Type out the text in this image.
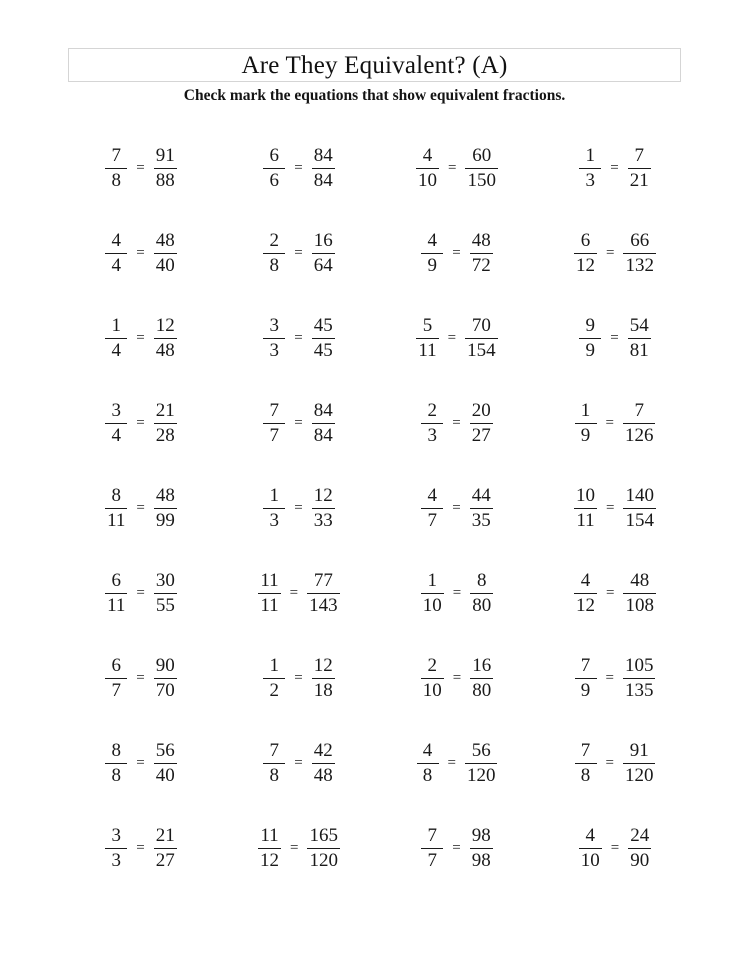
Are They Equivalent? (A)
Check mark the equations that show equivalent fractions.
$\frac{7}{8} = \frac{91}{88}$	$\frac{6}{6} = \frac{84}{84}$	$\frac{4}{10} = \frac{60}{150}$	$\frac{1}{3} = \frac{7}{21}$
$\frac{4}{4} = \frac{48}{40}$	$\frac{2}{8} = \frac{16}{64}$	$\frac{4}{9} = \frac{48}{72}$	$\frac{6}{12} = \frac{66}{132}$
$\frac{1}{4} = \frac{12}{48}$	$\frac{3}{3} = \frac{45}{45}$	$\frac{5}{11} = \frac{70}{154}$	$\frac{9}{9} = \frac{54}{81}$
$\frac{3}{4} = \frac{21}{28}$	$\frac{7}{7} = \frac{84}{84}$	$\frac{2}{3} = \frac{20}{27}$	$\frac{1}{9} = \frac{7}{126}$
$\frac{8}{11} = \frac{48}{99}$	$\frac{1}{3} = \frac{12}{33}$	$\frac{4}{7} = \frac{44}{35}$	$\frac{10}{11} = \frac{140}{154}$
$\frac{6}{11} = \frac{30}{55}$	$\frac{11}{11} = \frac{77}{143}$	$\frac{1}{10} = \frac{8}{80}$	$\frac{4}{12} = \frac{48}{108}$
$\frac{6}{7} = \frac{90}{70}$	$\frac{1}{2} = \frac{12}{18}$	$\frac{2}{10} = \frac{16}{80}$	$\frac{7}{9} = \frac{105}{135}$
$\frac{8}{8} = \frac{56}{40}$	$\frac{7}{8} = \frac{42}{48}$	$\frac{4}{8} = \frac{56}{120}$	$\frac{7}{8} = \frac{91}{120}$
$\frac{3}{3} = \frac{21}{27}$	$\frac{11}{12} = \frac{165}{120}$	$\frac{7}{7} = \frac{98}{98}$	$\frac{4}{10} = \frac{24}{90}$
